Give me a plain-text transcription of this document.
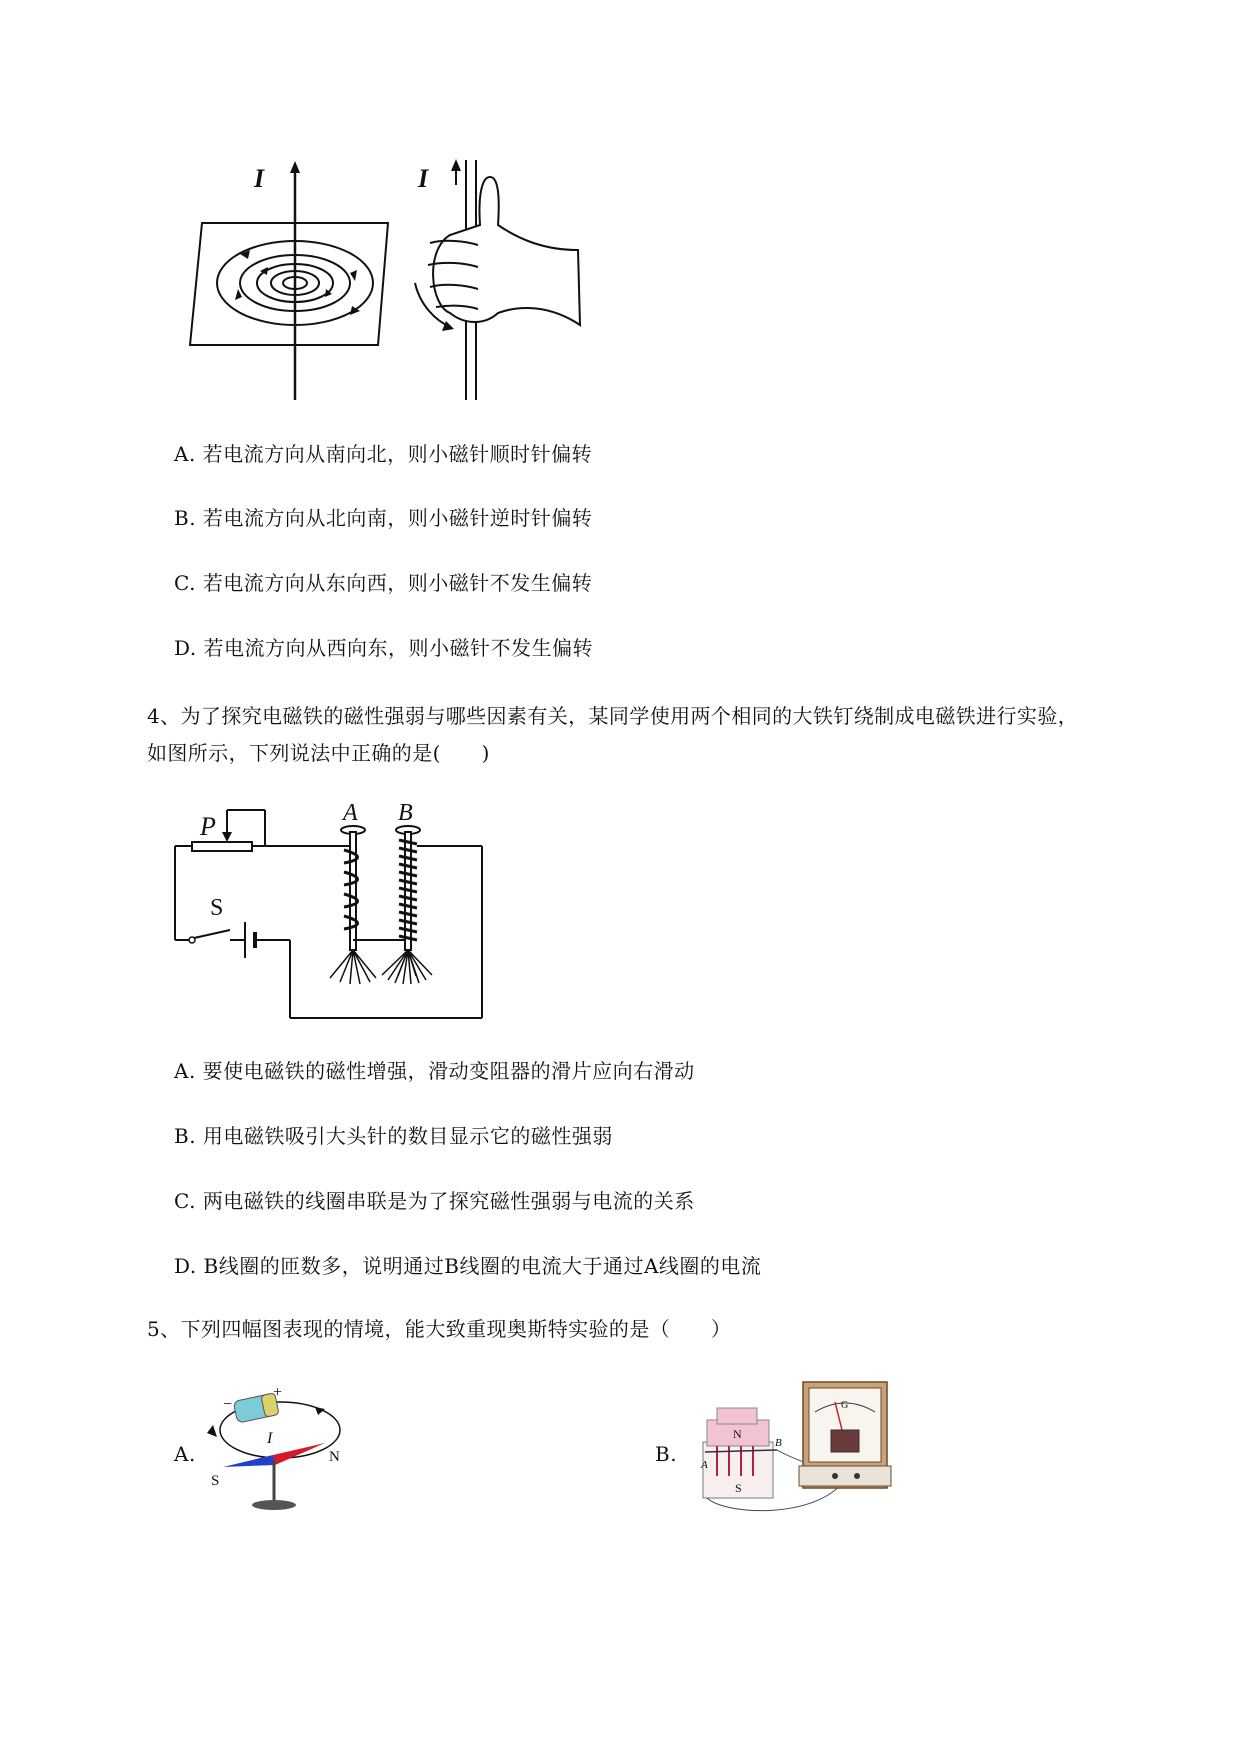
I	I
A. 若电流方向从南向北，则小磁针顺时针偏转
B. 若电流方向从北向南，则小磁针逆时针偏转
C. 若电流方向从东向西，则小磁针不发生偏转
D. 若电流方向从西向东，则小磁针不发生偏转
4、为了探究电磁铁的磁性强弱与哪些因素有关，某同学使用两个相同的大铁钉绕制成电磁铁进行实验，
如图所示，下列说法中正确的是(　　)
P
S
A B
A. 要使电磁铁的磁性增强，滑动变阻器的滑片应向右滑动
B. 用电磁铁吸引大头针的数目显示它的磁性强弱
C. 两电磁铁的线圈串联是为了探究磁性强弱与电流的关系
D. B线圈的匝数多，说明通过B线圈的电流大于通过A线圈的电流
5、下列四幅图表现的情境，能大致重现奥斯特实验的是（　　）
A.
−
+
I
S
N	B.
N
S
A
B
G
